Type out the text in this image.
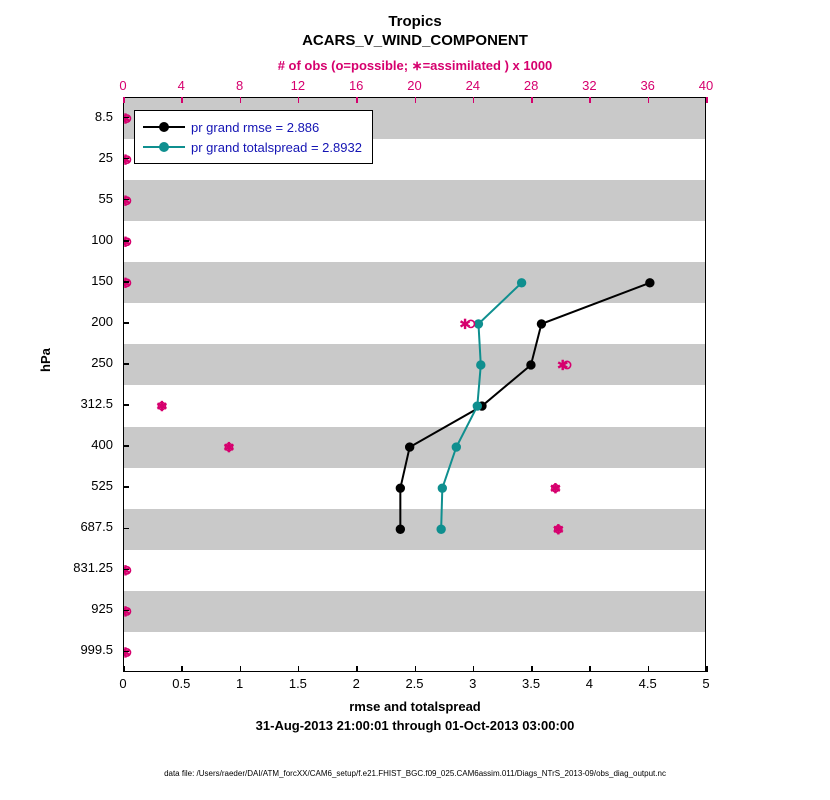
Tropics
ACARS_V_WIND_COMPONENT
# of obs (o=possible; ∗=assimilated ) x 1000
pr grand rmse = 2.886
pr grand totalspread = 2.8932
0	0.5	1	1.5	2	2.5	3	3.5	4	4.5	5
0	4	8	12	16	20	24	28	32	36	40
8.5
25
55
100
150
200
250
312.5
400
525
687.5
831.25
925
999.5
hPa
rmse and totalspread
31-Aug-2013 21:00:01 through 01-Oct-2013 03:00:00
data file: /Users/raeder/DAI/ATM_forcXX/CAM6_setup/f.e21.FHIST_BGC.f09_025.CAM6assim.011/Diags_NTrS_2013-09/obs_diag_output.nc
